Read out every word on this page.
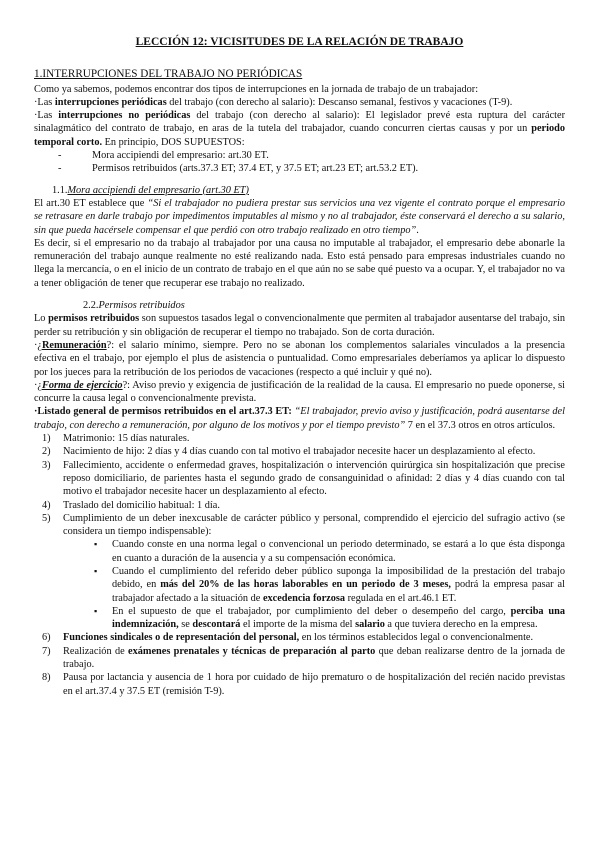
LECCIÓN 12: VICISITUDES DE LA RELACIÓN DE TRABAJO
1.INTERRUPCIONES DEL TRABAJO NO PERIÓDICAS

Como ya sabemos, podemos encontrar dos tipos de interrupciones en la jornada de trabajo de un trabajador:

·Las interrupciones periódicas del trabajo (con derecho al salario): Descanso semanal, festivos y vacaciones (T-9).

·Las interrupciones no periódicas del trabajo (con derecho al salario): El legislador prevé esta ruptura del carácter sinalagmático del contrato de trabajo, en aras de la tutela del trabajador, cuando concurren ciertas causas y por un periodo temporal corto. En principio, DOS SUPUESTOS:

- Mora accipiendi del empresario: art.30 ET.
- Permisos retribuidos (arts.37.3 ET; 37.4 ET, y 37.5 ET; art.23 ET; art.53.2 ET).
1.1.Mora accipiendi del empresario (art.30 ET)

El art.30 ET establece que “Si el trabajador no pudiera prestar sus servicios una vez vigente el contrato porque el empresario se retrasare en darle trabajo por impedimentos imputables al mismo y no al trabajador, éste conservará el derecho a su salario, sin que pueda hacérsele compensar el que perdió con otro trabajo realizado en otro tiempo”.

Es decir, si el empresario no da trabajo al trabajador por una causa no imputable al trabajador, el empresario debe abonarle la remuneración del trabajo aunque realmente no esté realizando nada. Esto está pensado para empresas industriales cuando no llega la mercancía, o en el inicio de un contrato de trabajo en el que aún no se sabe qué puesto va a ocupar. Y, el trabajador no va a tener obligación de tener que recuperar ese trabajo no realizado.

2.2.Permisos retribuidos

Lo permisos retribuidos son supuestos tasados legal o convencionalmente que permiten al trabajador ausentarse del trabajo, sin perder su retribución y sin obligación de recuperar el tiempo no trabajado. Son de corta duración.

·¿Remuneración?: el salario mínimo, siempre. Pero no se abonan los complementos salariales vinculados a la presencia efectiva en el trabajo, por ejemplo el plus de asistencia o puntualidad. Como empresariales deberíamos ya aplicar lo dispuesto por los jueces para la retribución de los periodos de vacaciones (respecto a qué incluir y qué no).

·¿Forma de ejercicio?: Aviso previo y exigencia de justificación de la realidad de la causa. El empresario no puede oponerse, si concurre la causa legal o convencionalmente prevista.

·Listado general de permisos retribuidos en el art.37.3 ET: “El trabajador, previo aviso y justificación, podrá ausentarse del trabajo, con derecho a remuneración, por alguno de los motivos y por el tiempo previsto” 7 en el 37.3 otros en otros artículos.

1) Matrimonio: 15 días naturales.
2) Nacimiento de hijo: 2 días y 4 días cuando con tal motivo el trabajador necesite hacer un desplazamiento al efecto.
3) Fallecimiento, accidente o enfermedad graves, hospitalización o intervención quirúrgica sin hospitalización que precise reposo domiciliario, de parientes hasta el segundo grado de consanguinidad o afinidad: 2 días y 4 días cuando con tal motivo el trabajador necesite hacer un desplazamiento al efecto.
4) Traslado del domicilio habitual: 1 día.
5) Cumplimiento de un deber inexcusable de carácter público y personal, comprendido el ejercicio del sufragio activo (se considera un tiempo indispensable):
▪ Cuando conste en una norma legal o convencional un periodo determinado, se estará a lo que ésta disponga en cuanto a duración de la ausencia y a su compensación económica.
▪ Cuando el cumplimiento del referido deber público suponga la imposibilidad de la prestación del trabajo debido, en más del 20% de las horas laborables en un periodo de 3 meses, podrá la empresa pasar al trabajador afectado a la situación de excedencia forzosa regulada en el art.46.1 ET.
▪ En el supuesto de que el trabajador, por cumplimiento del deber o desempeño del cargo, perciba una indemnización, se descontará el importe de la misma del salario a que tuviera derecho en la empresa.
6) Funciones sindicales o de representación del personal, en los términos establecidos legal o convencionalmente.
7) Realización de exámenes prenatales y técnicas de preparación al parto que deban realizarse dentro de la jornada de trabajo.
8) Pausa por lactancia y ausencia de 1 hora por cuidado de hijo prematuro o de hospitalización del recién nacido previstas en el art.37.4 y 37.5 ET (remisión T-9).
